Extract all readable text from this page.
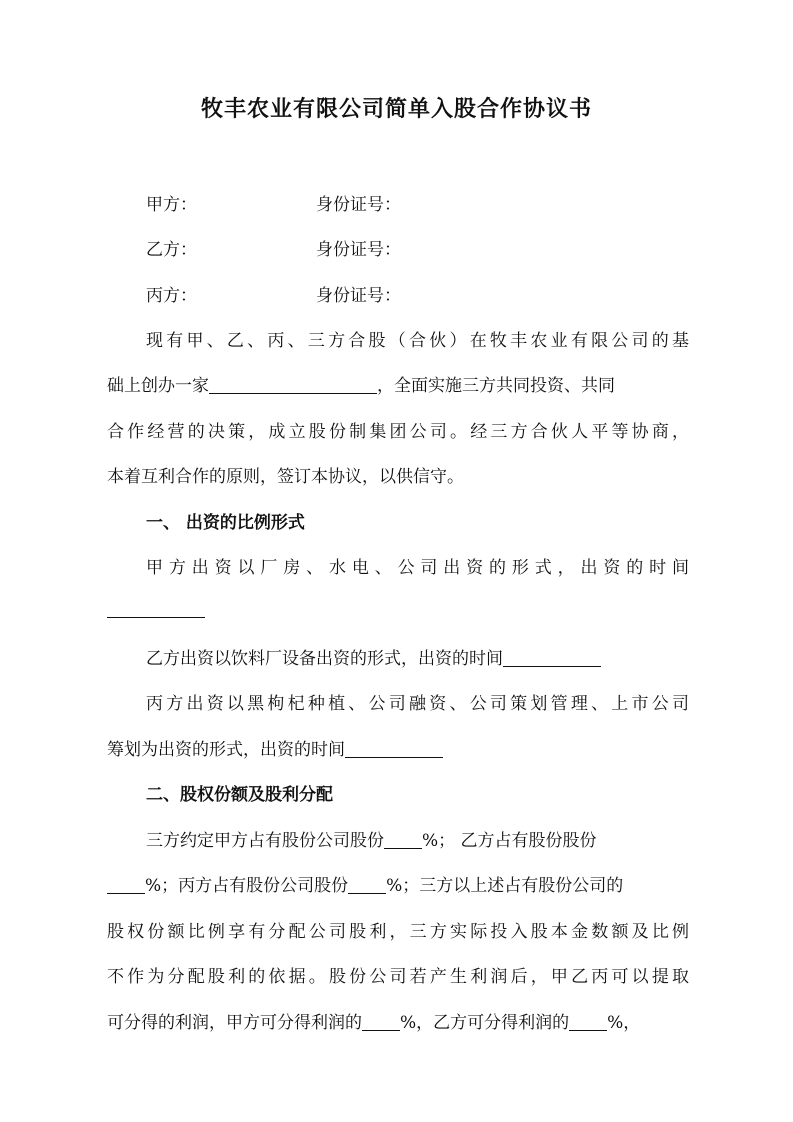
牧丰农业有限公司简单入股合作协议书
甲方：	身份证号：
乙方：	身份证号：
丙方：	身份证号：
现有甲、乙、丙、三方合股（合伙）在牧丰农业有限公司的基
础上创办一家	，全面实施三方共同投资、共同
合作经营的决策，成立股份制集团公司。经三方合伙人平等协商，
本着互利合作的原则，签订本协议，以供信守。
一、 出资的比例形式
甲方出资以厂房、水电、公司出资的形式，出资的时间
乙方出资以饮料厂设备出资的形式，出资的时间
丙方出资以黑枸杞种植、公司融资、公司策划管理、上市公司
筹划为出资的形式，出资的时间
二、股权份额及股利分配
三方约定甲方占有股份公司股份 %； 乙方占有股份股份
%；丙方占有股份公司股份 %；三方以上述占有股份公司的
股权份额比例享有分配公司股利，三方实际投入股本金数额及比例
不作为分配股利的依据。股份公司若产生利润后，甲乙丙可以提取
可分得的利润，甲方可分得利润的 %，乙方可分得利润的 %，
